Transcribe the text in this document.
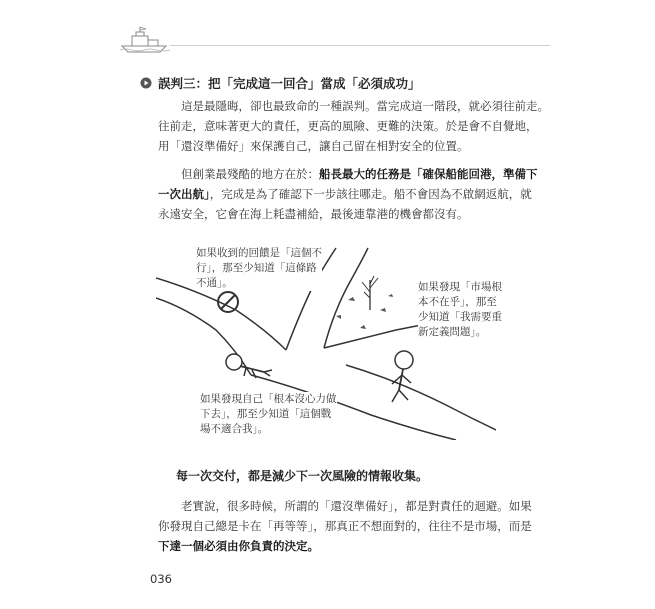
誤判三：把「完成這一回合」當成「必須成功」
這是最隱晦，卻也最致命的一種誤判。當完成這一階段，就必須往前走。
往前走，意味著更大的責任，更高的風險、更難的決策。於是會不自覺地，
用「還沒準備好」來保護自己，讓自己留在相對安全的位置。
但創業最殘酷的地方在於：船長最大的任務是「確保船能回港，準備下
一次出航」，完成是為了確認下一步該往哪走。船不會因為不啟網返航，就
永遠安全，它會在海上耗盡補給，最後連靠港的機會都沒有。
如果收到的回饋是「這個不
行」，那至少知道「這條路
不通」。	如果發現「市場根
本不在乎」，那至
少知道「我需要重
新定義問題」。
如果發現自己「根本沒心力做
下去」，那至少知道「這個戰
場不適合我」。
每一次交付，都是減少下一次風險的情報收集。
老實說，很多時候，所謂的「還沒準備好」，都是對責任的迴避。如果
你發現自己總是卡在「再等等」，那真正不想面對的，往往不是市場，而是
下達一個必須由你負責的決定。
036
